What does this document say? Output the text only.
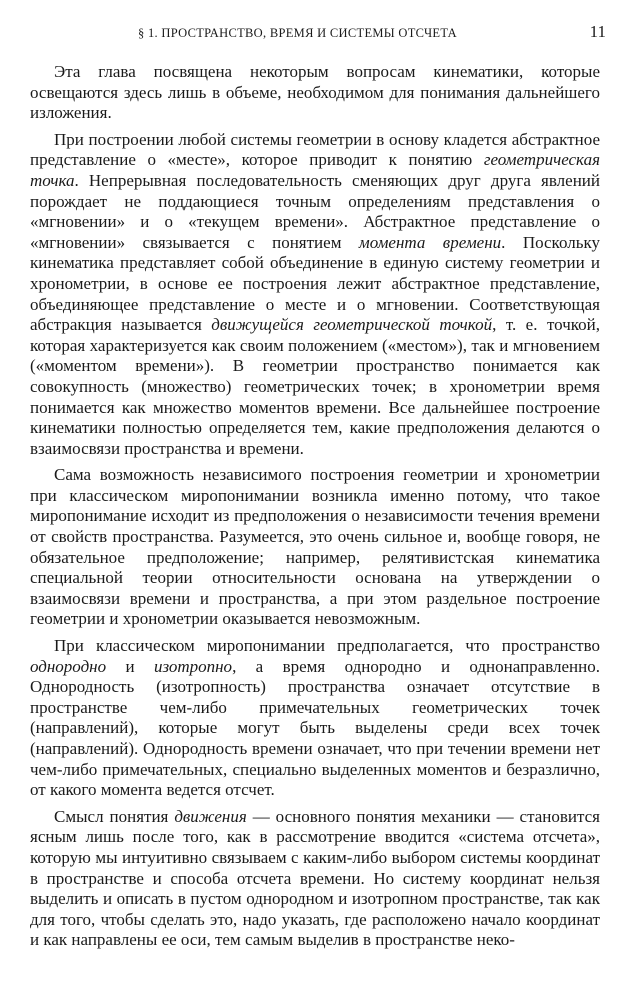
§ 1. ПРОСТРАНСТВО, ВРЕМЯ И СИСТЕМЫ ОТСЧЕТА	11

Эта глава посвящена некоторым вопросам кинематики, которые освещаются здесь лишь в объеме, необходимом для понимания дальнейшего изложения.

При построении любой системы геометрии в основу кладется абстрактное представление о «месте», которое приводит к понятию геометрическая точка. Непрерывная последовательность сменяющих друг друга явлений порождает не поддающиеся точным определениям представления о «мгновении» и о «текущем времени». Абстрактное представление о «мгновении» связывается с понятием момента времени. Поскольку кинематика представляет собой объединение в единую систему геометрии и хронометрии, в основе ее построения лежит абстрактное представление, объединяющее представление о месте и о мгновении. Соответствующая абстракция называется движущейся геометрической точкой, т. е. точкой, которая характеризуется как своим положением («местом»), так и мгновением («моментом времени»). В геометрии пространство понимается как совокупность (множество) геометрических точек; в хронометрии время понимается как множество моментов времени. Все дальнейшее построение кинематики полностью определяется тем, какие предположения делаются о взаимосвязи пространства и времени.

Сама возможность независимого построения геометрии и хронометрии при классическом миропонимании возникла именно потому, что такое миропонимание исходит из предположения о независимости течения времени от свойств пространства. Разумеется, это очень сильное и, вообще говоря, не обязательное предположение; например, релятивистская кинематика специальной теории относительности основана на утверждении о взаимосвязи времени и пространства, а при этом раздельное построение геометрии и хронометрии оказывается невозможным.

При классическом миропонимании предполагается, что пространство однородно и изотропно, а время однородно и однонаправленно. Однородность (изотропность) пространства означает отсутствие в пространстве чем-либо примечательных геометрических точек (направлений), которые могут быть выделены среди всех точек (направлений). Однородность времени означает, что при течении времени нет чем-либо примечательных, специально выделенных моментов и безразлично, от какого момента ведется отсчет.

Смысл понятия движения — основного понятия механики — становится ясным лишь после того, как в рассмотрение вводится «система отсчета», которую мы интуитивно связываем с каким-либо выбором системы координат в пространстве и способа отсчета времени. Но систему координат нельзя выделить и описать в пустом однородном и изотропном пространстве, так как для того, чтобы сделать это, надо указать, где расположено начало координат и как направлены ее оси, тем самым выделив в пространстве неко-
